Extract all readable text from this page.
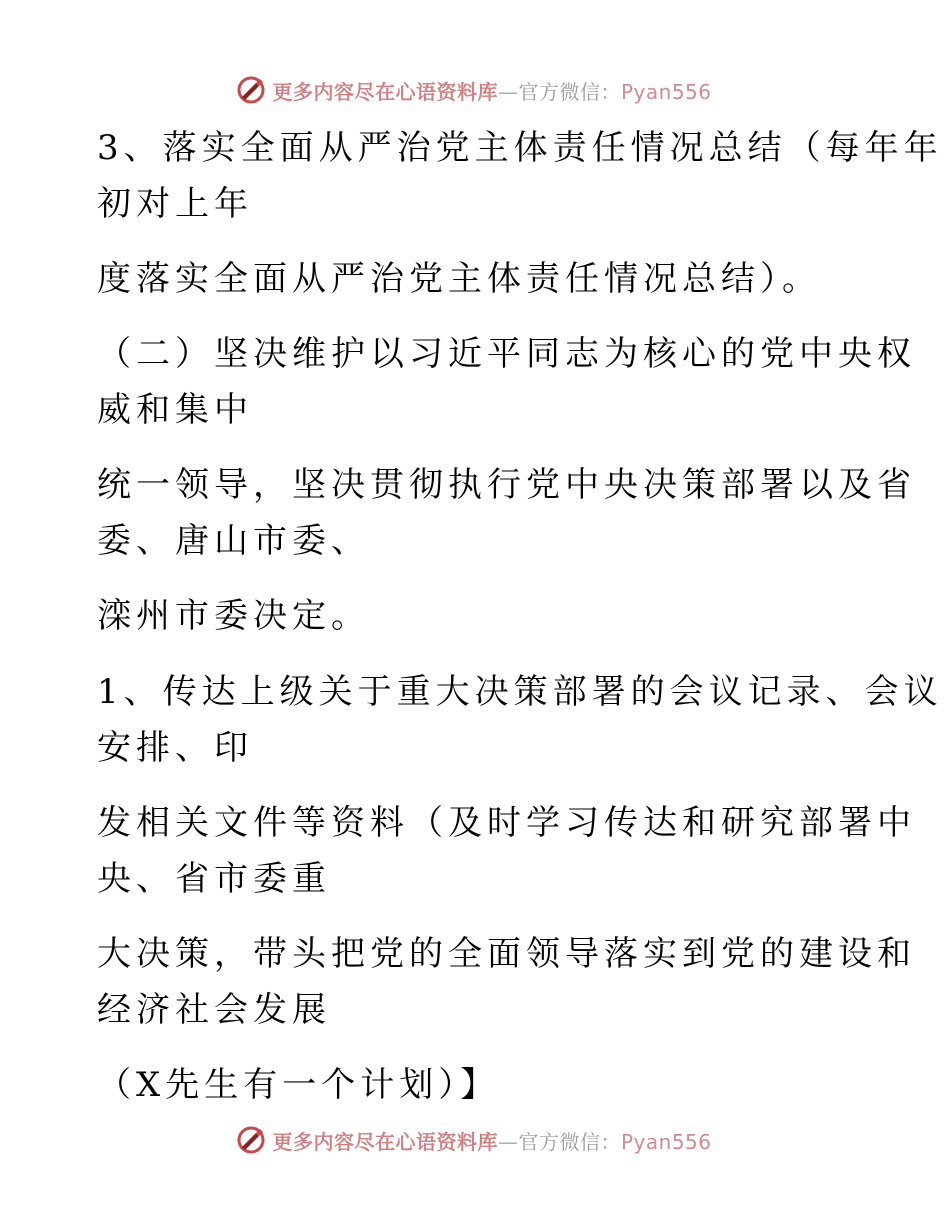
更多内容尽在心语资料库—官方微信：Pyan556
3、落实全面从严治党主体责任情况总结（每年年
初对上年
度落实全面从严治党主体责任情况总结）。
（二）坚决维护以习近平同志为核心的党中央权
威和集中
统一领导，坚决贯彻执行党中央决策部署以及省
委、唐山市委、
滦州市委决定。
1、传达上级关于重大决策部署的会议记录、会议
安排、印
发相关文件等资料（及时学习传达和研究部署中
央、省市委重
大决策，带头把党的全面领导落实到党的建设和
经济社会发展
（X先生有一个计划）】
更多内容尽在心语资料库—官方微信：Pyan556
